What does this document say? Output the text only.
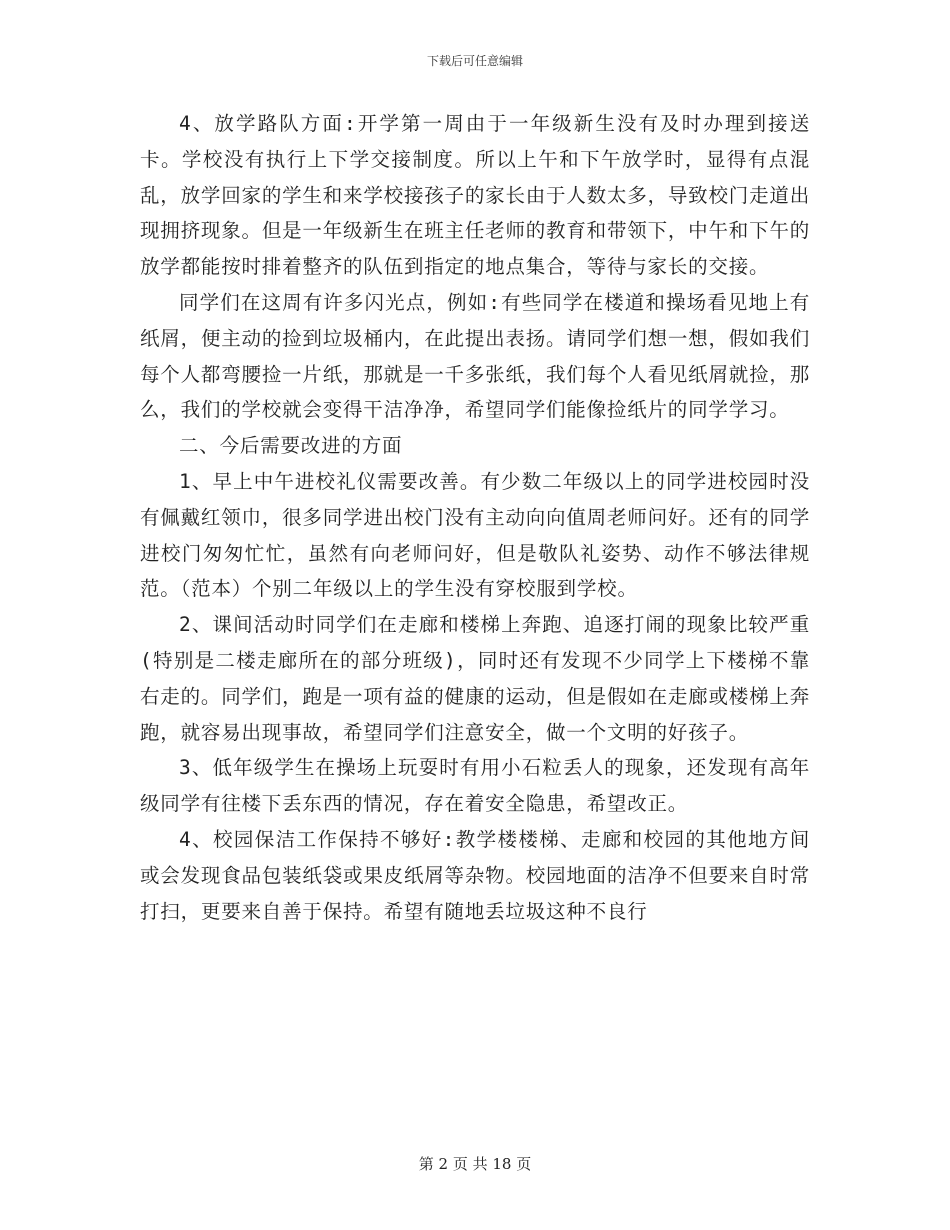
下载后可任意编辑

4、放学路队方面:开学第一周由于一年级新生没有及时办理到接送卡。学校没有执行上下学交接制度。所以上午和下午放学时，显得有点混乱，放学回家的学生和来学校接孩子的家长由于人数太多，导致校门走道出现拥挤现象。但是一年级新生在班主任老师的教育和带领下，中午和下午的放学都能按时排着整齐的队伍到指定的地点集合，等待与家长的交接。

同学们在这周有许多闪光点，例如:有些同学在楼道和操场看见地上有纸屑，便主动的捡到垃圾桶内，在此提出表扬。请同学们想一想，假如我们每个人都弯腰捡一片纸，那就是一千多张纸，我们每个人看见纸屑就捡，那么，我们的学校就会变得干洁净净，希望同学们能像捡纸片的同学学习。

二、今后需要改进的方面

1、早上中午进校礼仪需要改善。有少数二年级以上的同学进校园时没有佩戴红领巾，很多同学进出校门没有主动向向值周老师问好。还有的同学进校门匆匆忙忙，虽然有向老师问好，但是敬队礼姿势、动作不够法律规范。（范本）个别二年级以上的学生没有穿校服到学校。

2、课间活动时同学们在走廊和楼梯上奔跑、追逐打闹的现象比较严重(特别是二楼走廊所在的部分班级)，同时还有发现不少同学上下楼梯不靠右走的。同学们，跑是一项有益的健康的运动，但是假如在走廊或楼梯上奔跑，就容易出现事故，希望同学们注意安全，做一个文明的好孩子。

3、低年级学生在操场上玩耍时有用小石粒丢人的现象，还发现有高年级同学有往楼下丢东西的情况，存在着安全隐患，希望改正。

4、校园保洁工作保持不够好:教学楼楼梯、走廊和校园的其他地方间或会发现食品包装纸袋或果皮纸屑等杂物。校园地面的洁净不但要来自时常打扫，更要来自善于保持。希望有随地丢垃圾这种不良行

第 2 页 共 18 页
